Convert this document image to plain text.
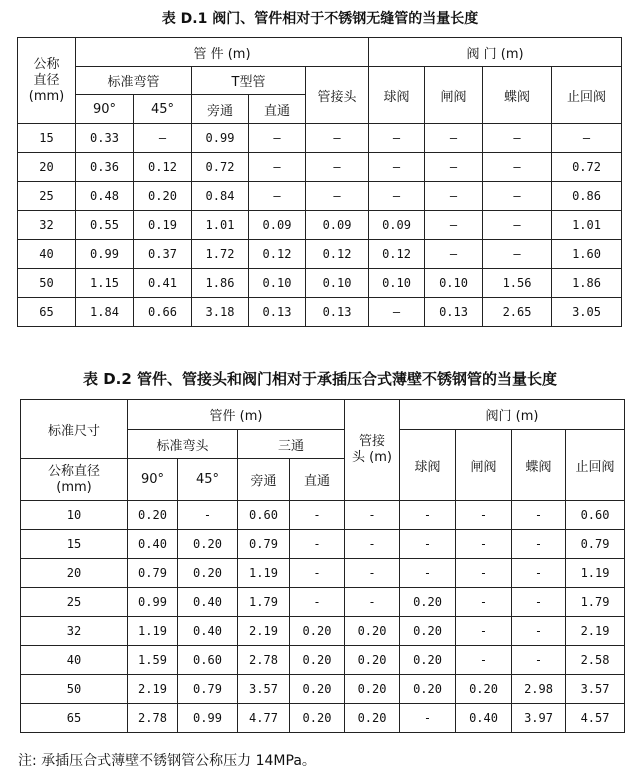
表 D.1 阀门、管件相对于不锈钢无缝管的当量长度
公称
直径
(mm)	管 件 (m)					阀 门 (m)			
	标准弯管		T型管		管接头	球阀	闸阀	蝶阀	止回阀
	90°	45°	旁通	直通					
15	0.33	—	0.99	—	—	—	—	—	—
20	0.36	0.12	0.72	—	—	—	—	—	0.72
25	0.48	0.20	0.84	—	—	—	—	—	0.86
32	0.55	0.19	1.01	0.09	0.09	0.09	—	—	1.01
40	0.99	0.37	1.72	0.12	0.12	0.12	—	—	1.60
50	1.15	0.41	1.86	0.10	0.10	0.10	0.10	1.56	1.86
65	1.84	0.66	3.18	0.13	0.13	—	0.13	2.65	3.05
表 D.2 管件、管接头和阀门相对于承插压合式薄壁不锈钢管的当量长度
标准尺寸	管件 (m)				管接
头 (m)	阀门 (m)			
	标准弯头		三通			球阀	闸阀	蝶阀	止回阀
公称直径
(mm)	90°	45°	旁通	直通					
10	0.20	-	0.60	-	-	-	-	-	0.60
15	0.40	0.20	0.79	-	-	-	-	-	0.79
20	0.79	0.20	1.19	-	-	-	-	-	1.19
25	0.99	0.40	1.79	-	-	0.20	-	-	1.79
32	1.19	0.40	2.19	0.20	0.20	0.20	-	-	2.19
40	1.59	0.60	2.78	0.20	0.20	0.20	-	-	2.58
50	2.19	0.79	3.57	0.20	0.20	0.20	0.20	2.98	3.57
65	2.78	0.99	4.77	0.20	0.20	-	0.40	3.97	4.57
注: 承插压合式薄壁不锈钢管公称压力 14MPa。
